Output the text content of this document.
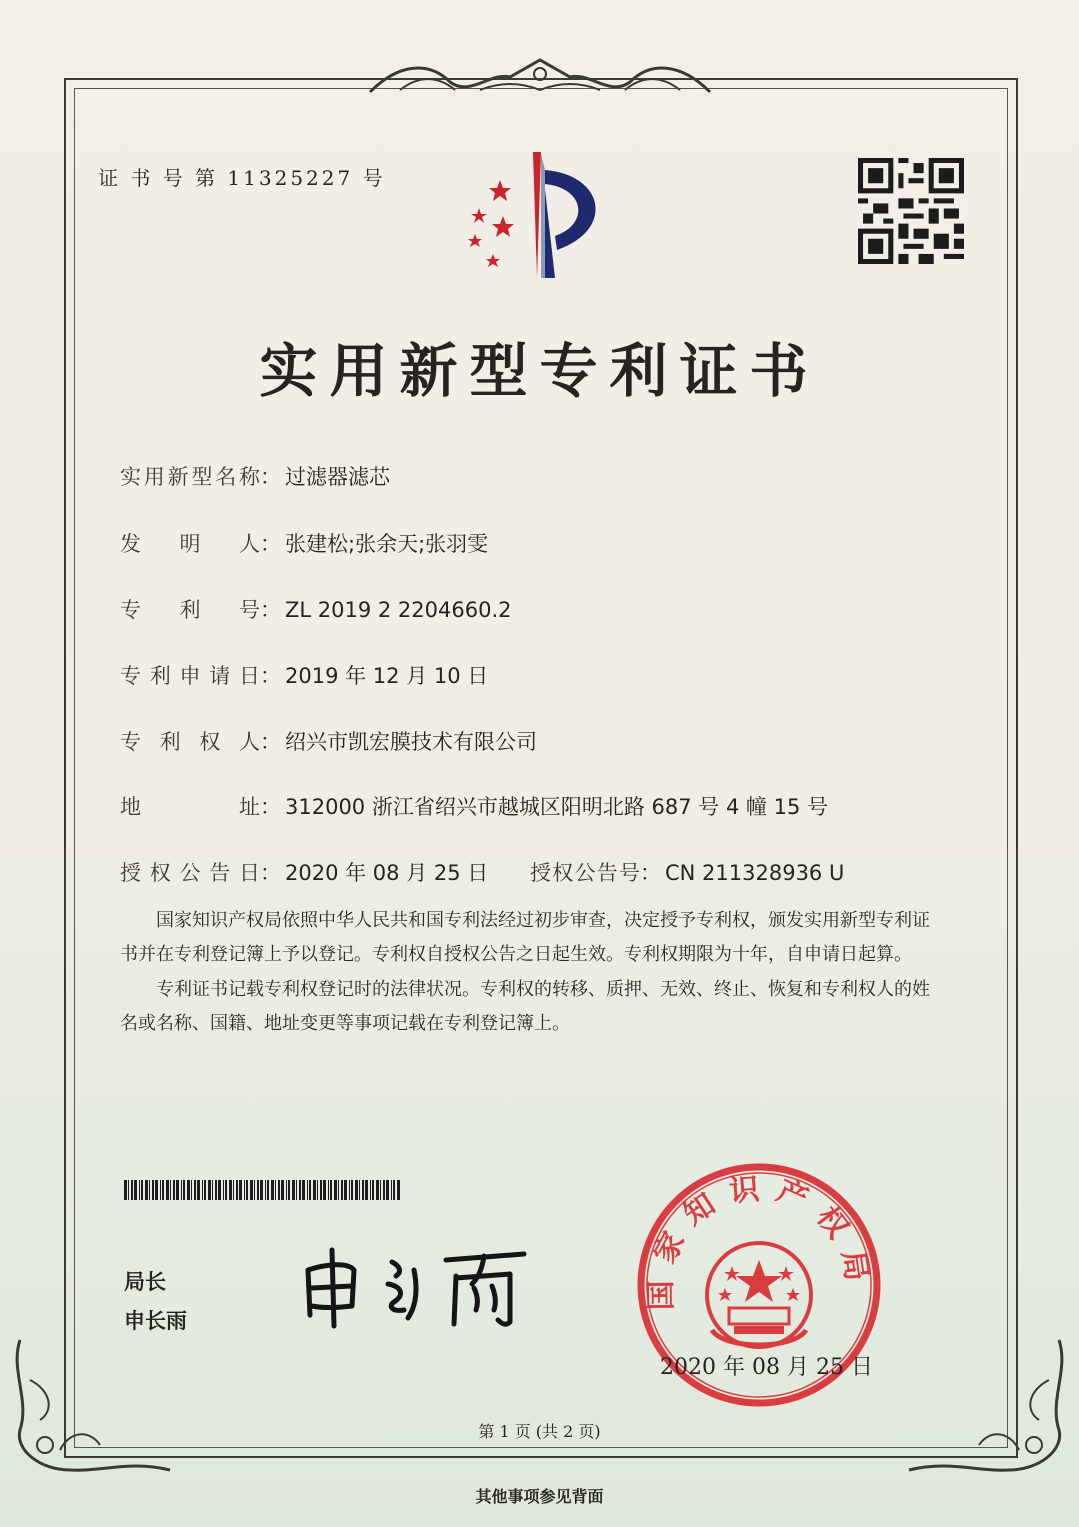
证 书 号 第 11325227 号
实用新型专利证书
实用新型名称： 过滤器滤芯
发明人： 张建松;张余天;张羽雯
专利号： ZL 2019 2 2204660.2
专利申请日： 2019 年 12 月 10 日
专利权人： 绍兴市凯宏膜技术有限公司
地址： 312000 浙江省绍兴市越城区阳明北路 687 号 4 幢 15 号
授权公告日： 2020 年 08 月 25 日 授权公告号： CN 211328936 U

国家知识产权局依照中华人民共和国专利法经过初步审查，决定授予专利权，颁发实用新型专利证书并在专利登记簿上予以登记。专利权自授权公告之日起生效。专利权期限为十年，自申请日起算。

专利证书记载专利权登记时的法律状况。专利权的转移、质押、无效、终止、恢复和专利权人的姓名或名称、国籍、地址变更等事项记载在专利登记簿上。

局长
申长雨
国家知识产权局
2020 年 08 月 25 日
第 1 页 (共 2 页)
其他事项参见背面
